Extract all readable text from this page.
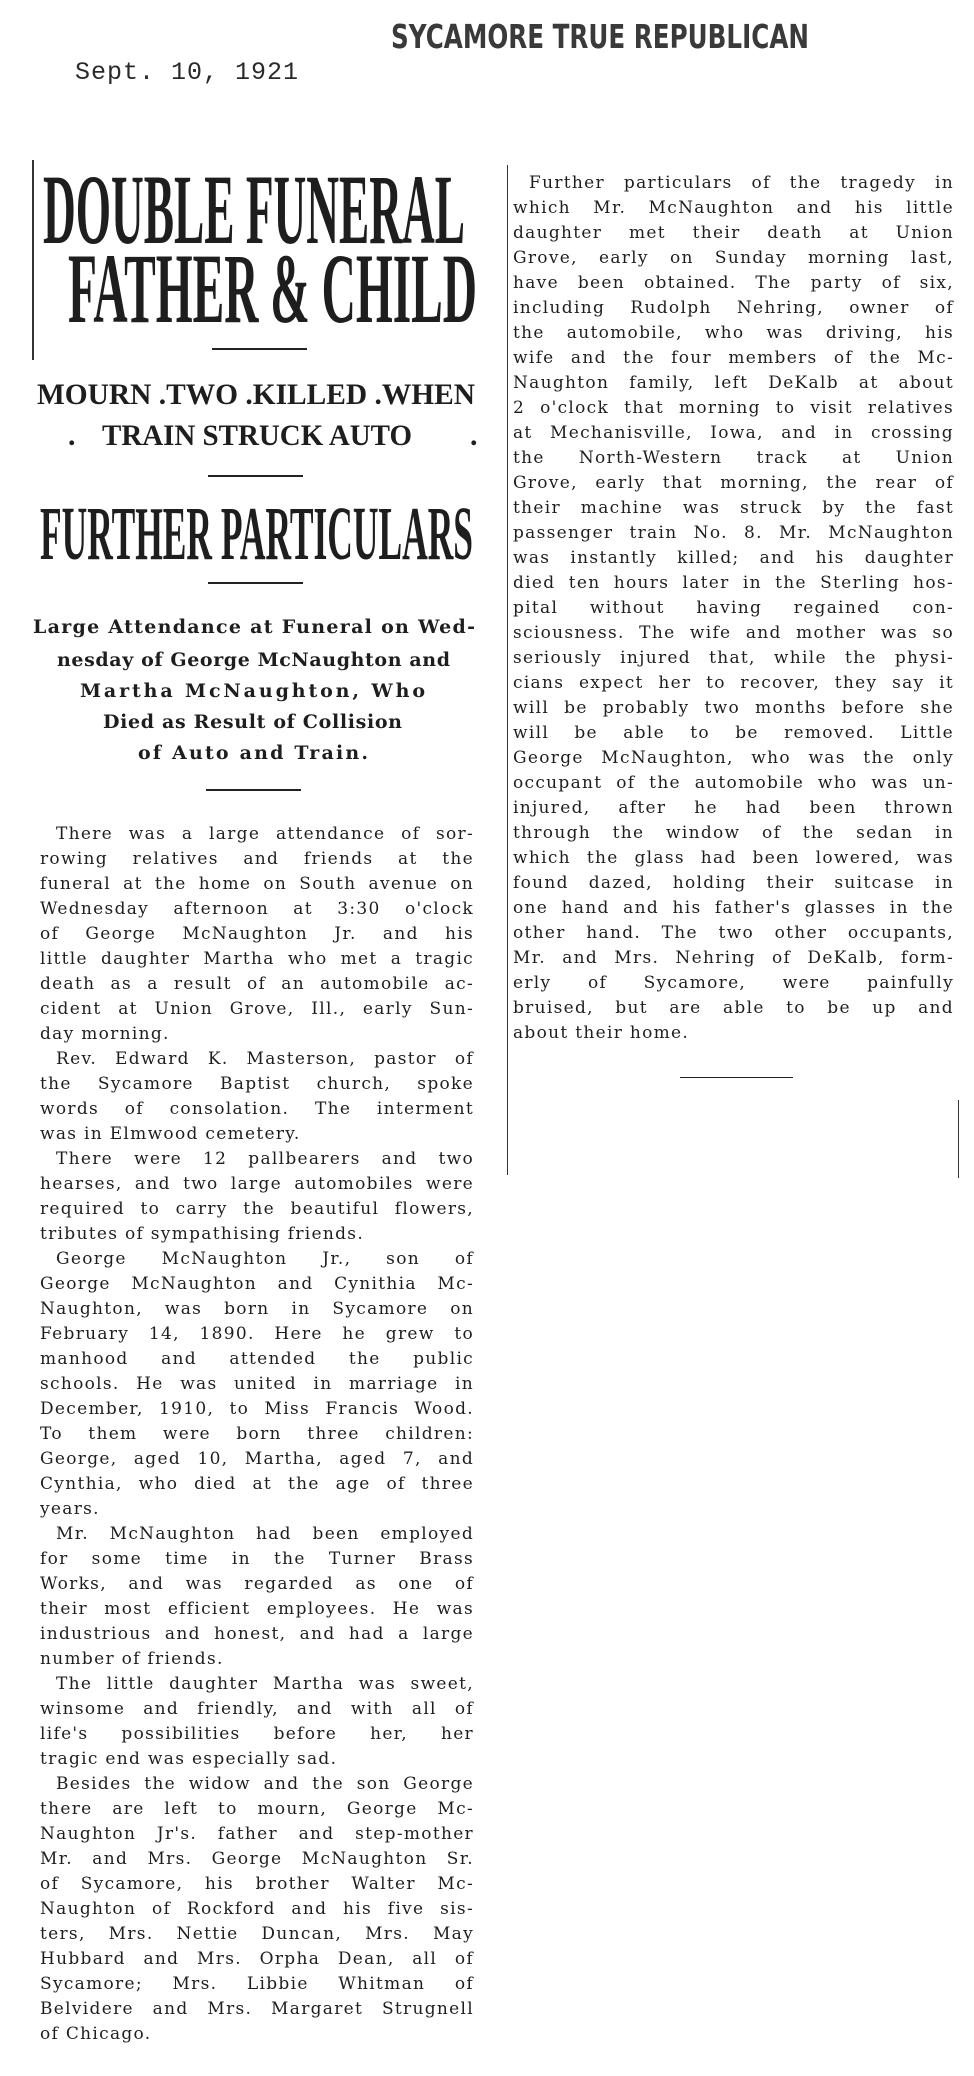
SYCAMORE TRUE REPUBLICAN
Sept. 10, 1921
DOUBLE FUNERAL
FATHER & CHILD
MOURN .TWO .KILLED .WHEN
. TRAIN STRUCK AUTO .
FURTHER PARTICULARS
Large Attendance at Funeral on Wed-
nesday of George McNaughton and
Martha McNaughton, Who
Died as Result of Collision
of Auto and Train.
There was a large attendance of sor-
rowing relatives and friends at the
funeral at the home on South avenue on
Wednesday afternoon at 3:30 o'clock
of George McNaughton Jr. and his
little daughter Martha who met a tragic
death as a result of an automobile ac-
cident at Union Grove, Ill., early Sun-
day morning.
Rev. Edward K. Masterson, pastor of
the Sycamore Baptist church, spoke
words of consolation. The interment
was in Elmwood cemetery.
There were 12 pallbearers and two
hearses, and two large automobiles were
required to carry the beautiful flowers,
tributes of sympathising friends.
George McNaughton Jr., son of
George McNaughton and Cynithia Mc-
Naughton, was born in Sycamore on
February 14, 1890. Here he grew to
manhood and attended the public
schools. He was united in marriage in
December, 1910, to Miss Francis Wood.
To them were born three children:
George, aged 10, Martha, aged 7, and
Cynthia, who died at the age of three
years.
Mr. McNaughton had been employed
for some time in the Turner Brass
Works, and was regarded as one of
their most efficient employees. He was
industrious and honest, and had a large
number of friends.
The little daughter Martha was sweet,
winsome and friendly, and with all of
life's possibilities before her, her
tragic end was especially sad.
Besides the widow and the son George
there are left to mourn, George Mc-
Naughton Jr's. father and step-mother
Mr. and Mrs. George McNaughton Sr.
of Sycamore, his brother Walter Mc-
Naughton of Rockford and his five sis-
ters, Mrs. Nettie Duncan, Mrs. May
Hubbard and Mrs. Orpha Dean, all of
Sycamore; Mrs. Libbie Whitman of
Belvidere and Mrs. Margaret Strugnell
of Chicago.
Further particulars of the tragedy in
which Mr. McNaughton and his little
daughter met their death at Union
Grove, early on Sunday morning last,
have been obtained. The party of six,
including Rudolph Nehring, owner of
the automobile, who was driving, his
wife and the four members of the Mc-
Naughton family, left DeKalb at about
2 o'clock that morning to visit relatives
at Mechanisville, Iowa, and in crossing
the North-Western track at Union
Grove, early that morning, the rear of
their machine was struck by the fast
passenger train No. 8. Mr. McNaughton
was instantly killed; and his daughter
died ten hours later in the Sterling hos-
pital without having regained con-
sciousness. The wife and mother was so
seriously injured that, while the physi-
cians expect her to recover, they say it
will be probably two months before she
will be able to be removed. Little
George McNaughton, who was the only
occupant of the automobile who was un-
injured, after he had been thrown
through the window of the sedan in
which the glass had been lowered, was
found dazed, holding their suitcase in
one hand and his father's glasses in the
other hand. The two other occupants,
Mr. and Mrs. Nehring of DeKalb, form-
erly of Sycamore, were painfully
bruised, but are able to be up and
about their home.
